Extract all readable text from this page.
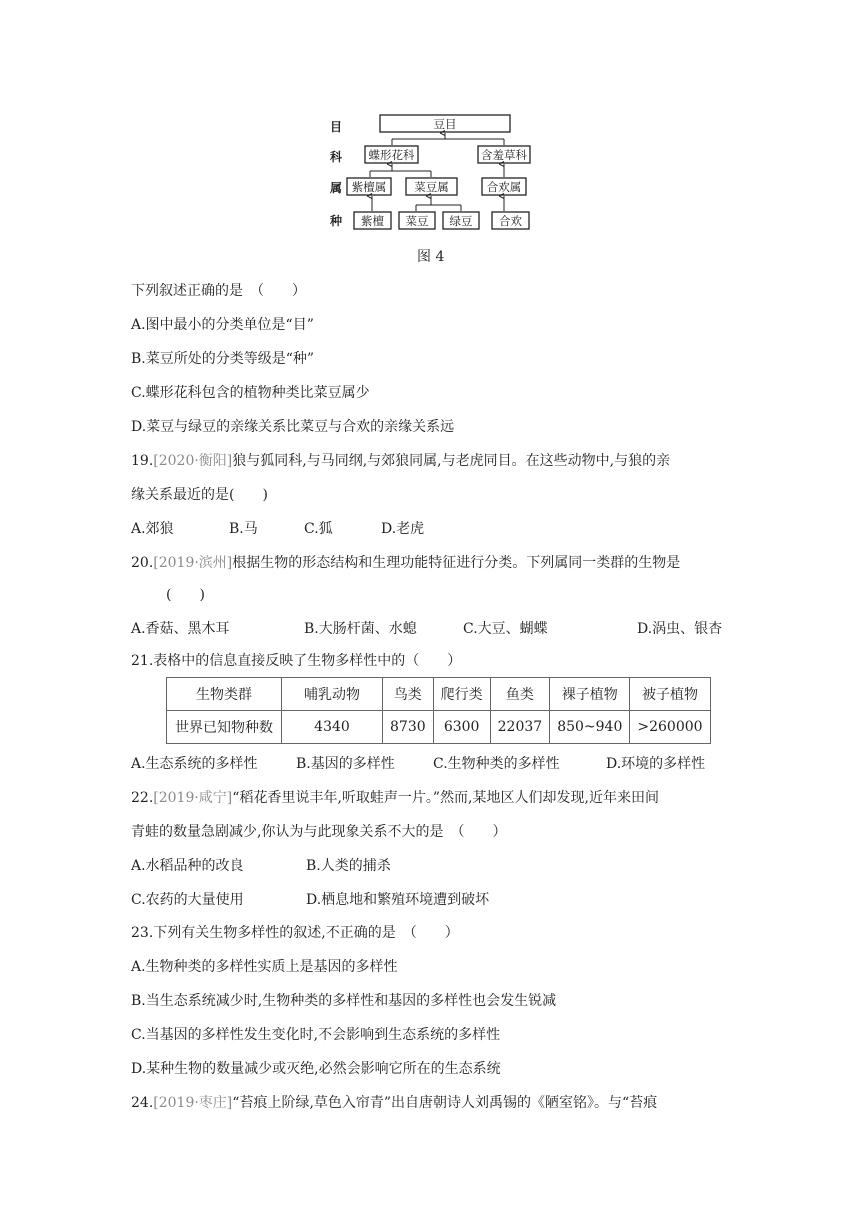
目
科
属
种
豆目
蝶形花科	含羞草科
紫檀属 菜豆属	合欢属
紫檀 菜豆 绿豆 合欢
图 4
下列叙述正确的是　（　　）
A.图中最小的分类单位是“目”
B.菜豆所处的分类等级是“种”
C.蝶形花科包含的植物种类比菜豆属少
D.菜豆与绿豆的亲缘关系比菜豆与合欢的亲缘关系远
19.[2020·衡阳]狼与狐同科,与马同纲,与郊狼同属,与老虎同目。在这些动物中,与狼的亲
缘关系最近的是(　　)
A.郊狼	B.马	C.狐	D.老虎
20.[2019·滨州]根据生物的形态结构和生理功能特征进行分类。下列属同一类群的生物是
(　　)
A.香菇、黑木耳	B.大肠杆菌、水螅	C.大豆、蝴蝶	D.涡虫、银杏
21.表格中的信息直接反映了生物多样性中的（　　）
生物类群	哺乳动物	鸟类	爬行类	鱼类	裸子植物	被子植物
世界已知物种数	4340	8730	6300	22037	850~940	>260000
A.生态系统的多样性	B.基因的多样性	C.生物种类的多样性	D.环境的多样性
22.[2019·咸宁]“稻花香里说丰年,听取蛙声一片。”然而,某地区人们却发现,近年来田间
青蛙的数量急剧减少,你认为与此现象关系不大的是　（　　）
A.水稻品种的改良	B.人类的捕杀
C.农药的大量使用	D.栖息地和繁殖环境遭到破坏
23.下列有关生物多样性的叙述,不正确的是　（　　）
A.生物种类的多样性实质上是基因的多样性
B.当生态系统减少时,生物种类的多样性和基因的多样性也会发生锐减
C.当基因的多样性发生变化时,不会影响到生态系统的多样性
D.某种生物的数量减少或灭绝,必然会影响它所在的生态系统
24.[2019·枣庄]“苔痕上阶绿,草色入帘青”出自唐朝诗人刘禹锡的《陋室铭》。与“苔痕
